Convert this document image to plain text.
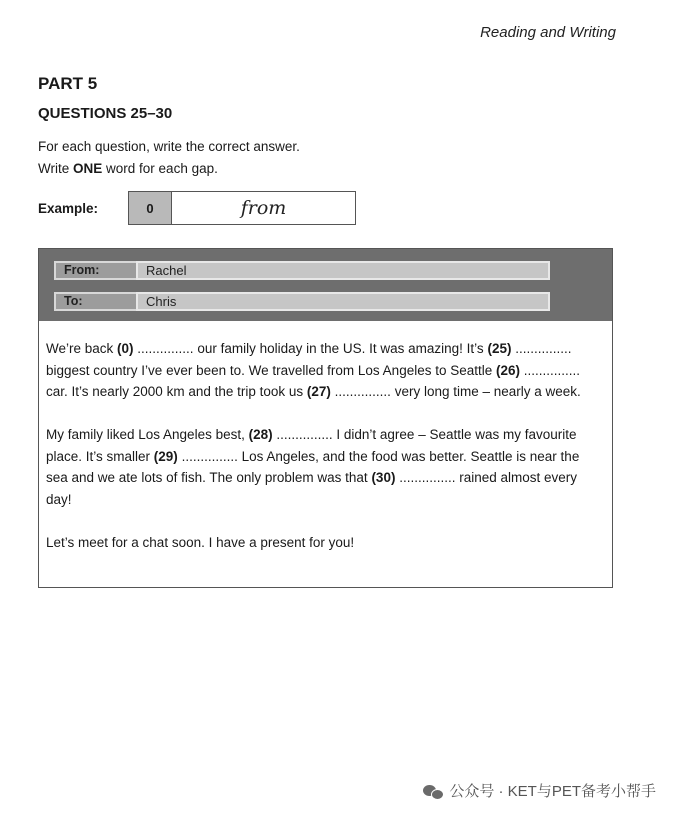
Reading and Writing
PART 5
QUESTIONS 25–30
For each question, write the correct answer.
Write ONE word for each gap.
Example:	0	from
From:	Rachel
To:	Chris

We’re back (0) ............... our family holiday in the US. It was amazing! It’s (25) ............... biggest country I’ve ever been to. We travelled from Los Angeles to Seattle (26) ............... car. It’s nearly 2000 km and the trip took us (27) ............... very long time – nearly a week.

My family liked Los Angeles best, (28) ............... I didn’t agree – Seattle was my favourite place. It’s smaller (29) ............... Los Angeles, and the food was better. Seattle is near the sea and we ate lots of fish. The only problem was that (30) ............... rained almost every day!

Let’s meet for a chat soon. I have a present for you!

公众号 · KET与PET备考小帮手
